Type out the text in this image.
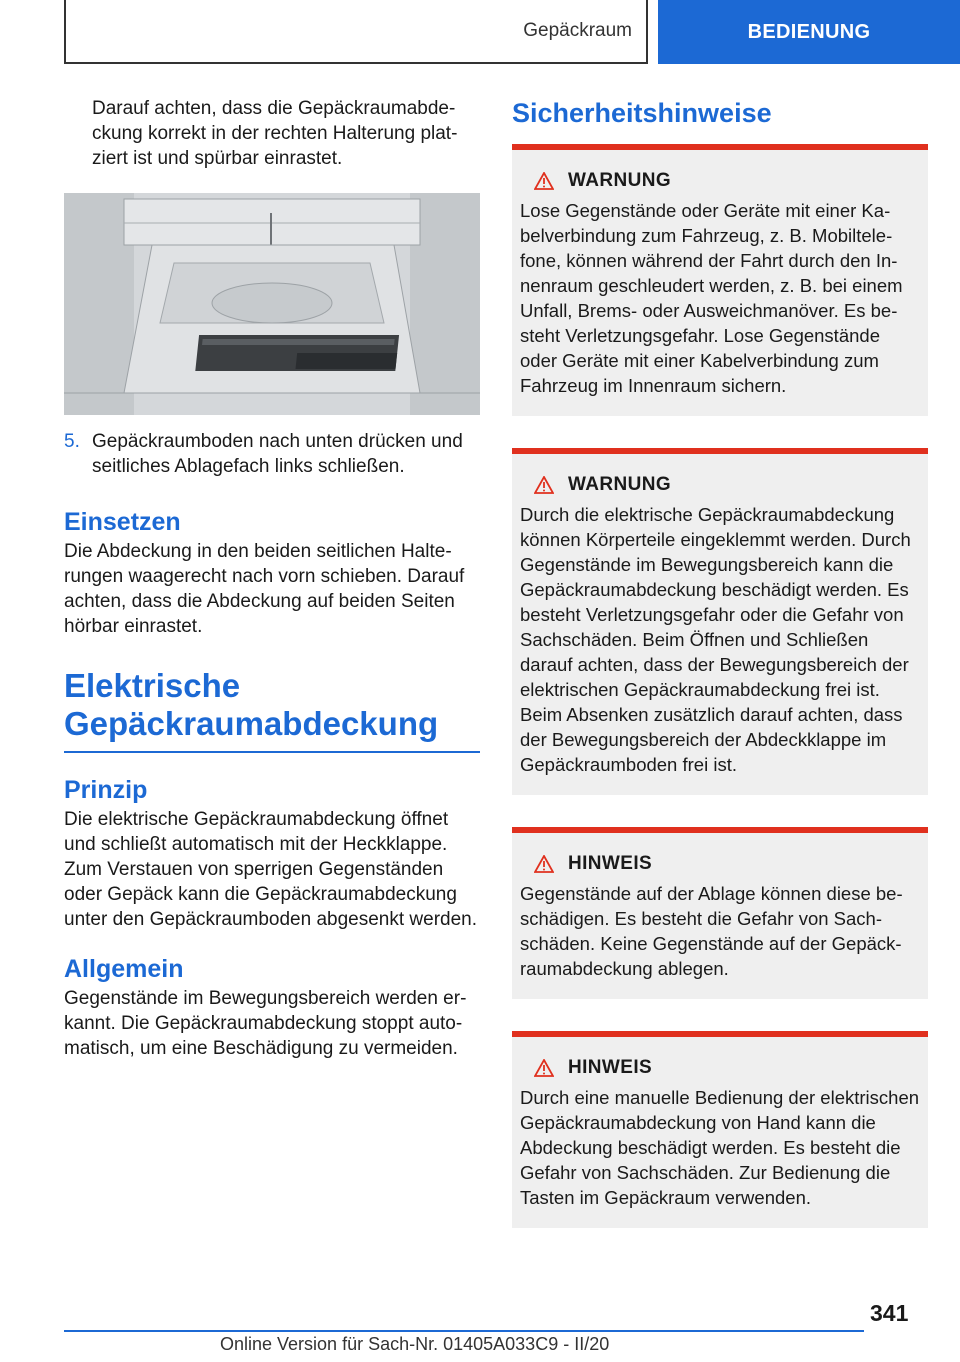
Gepäckraum	BEDIENUNG

Darauf achten, dass die Gepäckraumabdeckung korrekt in der rechten Halterung platziert ist und spürbar einrastet.

5. Gepäckraumboden nach unten drücken und seitliches Ablagefach links schließen.

Einsetzen

Die Abdeckung in den beiden seitlichen Halterungen waagerecht nach vorn schieben. Darauf achten, dass die Abdeckung auf beiden Seiten hörbar einrastet.

Elektrische Gepäckraumabdeckung
Prinzip

Die elektrische Gepäckraumabdeckung öffnet und schließt automatisch mit der Heckklappe. Zum Verstauen von sperrigen Gegenständen oder Gepäck kann die Gepäckraumabdeckung unter den Gepäckraumboden abgesenkt werden.

Allgemein

Gegenstände im Bewegungsbereich werden erkannt. Die Gepäckraumabdeckung stoppt automatisch, um eine Beschädigung zu vermeiden.

Sicherheitshinweise
WARNUNG

Lose Gegenstände oder Geräte mit einer Kabelverbindung zum Fahrzeug, z. B. Mobiltelefone, können während der Fahrt durch den Innenraum geschleudert werden, z. B. bei einem Unfall, Brems- oder Ausweichmanöver. Es besteht Verletzungsgefahr. Lose Gegenstände oder Geräte mit einer Kabelverbindung zum Fahrzeug im Innenraum sichern.

WARNUNG

Durch die elektrische Gepäckraumabdeckung können Körperteile eingeklemmt werden. Durch Gegenstände im Bewegungsbereich kann die Gepäckraumabdeckung beschädigt werden. Es besteht Verletzungsgefahr oder die Gefahr von Sachschäden. Beim Öffnen und Schließen darauf achten, dass der Bewegungsbereich der elektrischen Gepäckraumabdeckung frei ist. Beim Absenken zusätzlich darauf achten, dass der Bewegungsbereich der Abdeckklappe im Gepäckraumboden frei ist.

HINWEIS

Gegenstände auf der Ablage können diese beschädigen. Es besteht die Gefahr von Sachschäden. Keine Gegenstände auf der Gepäckraumabdeckung ablegen.

HINWEIS

Durch eine manuelle Bedienung der elektrischen Gepäckraumabdeckung von Hand kann die Abdeckung beschädigt werden. Es besteht die Gefahr von Sachschäden. Zur Bedienung die Tasten im Gepäckraum verwenden.

341
Online Version für Sach-Nr. 01405A033C9 - II/20
